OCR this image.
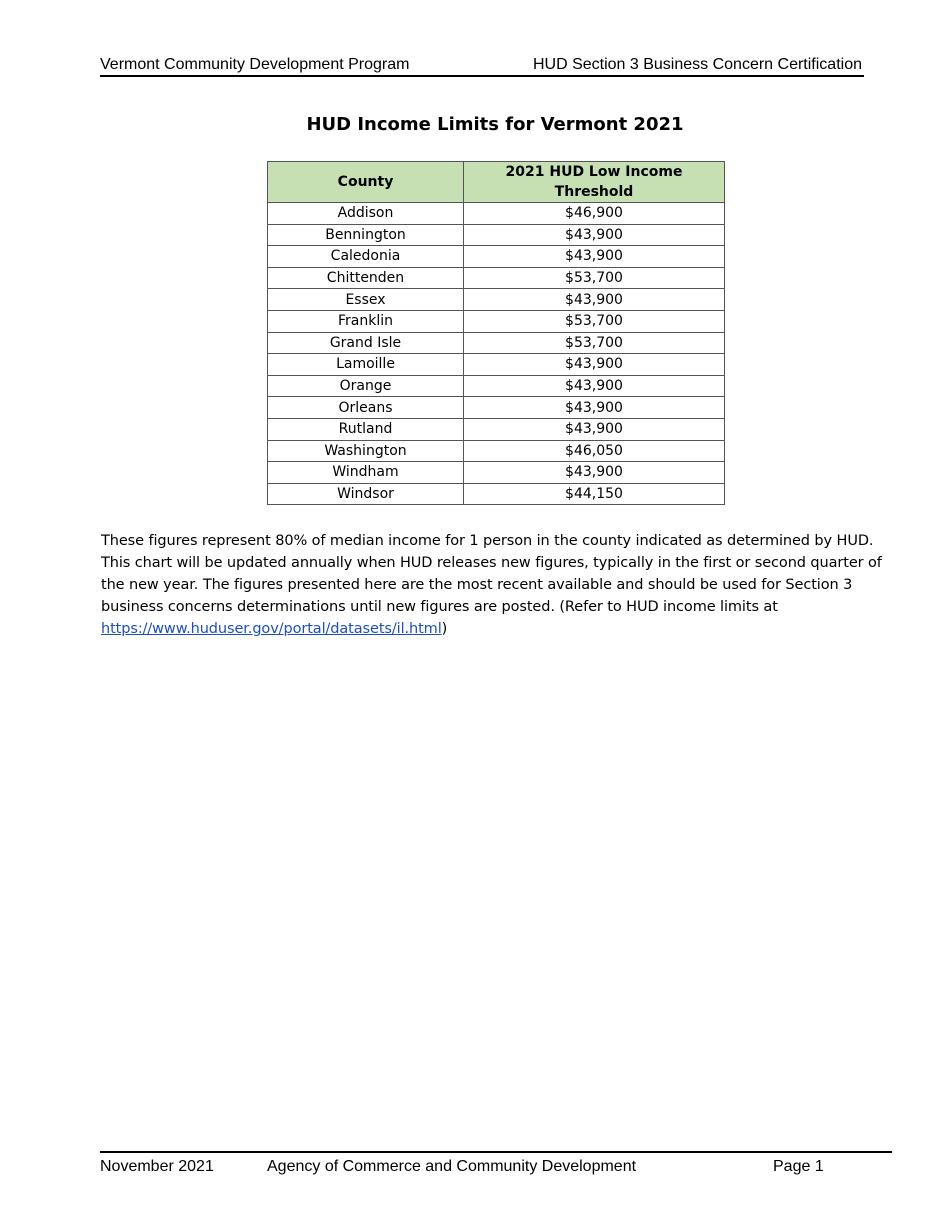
Vermont Community Development Program	HUD Section 3 Business Concern Certification
HUD Income Limits for Vermont 2021
County	2021 HUD Low Income Threshold
Addison	$46,900
Bennington	$43,900
Caledonia	$43,900
Chittenden	$53,700
Essex	$43,900
Franklin	$53,700
Grand Isle	$53,700
Lamoille	$43,900
Orange	$43,900
Orleans	$43,900
Rutland	$43,900
Washington	$46,050
Windham	$43,900
Windsor	$44,150
These figures represent 80% of median income for 1 person in the county indicated as determined by HUD. This chart will be updated annually when HUD releases new figures, typically in the first or second quarter of the new year. The figures presented here are the most recent available and should be used for Section 3 business concerns determinations until new figures are posted. (Refer to HUD income limits at https://www.huduser.gov/portal/datasets/il.html)
November 2021	Agency of Commerce and Community Development	Page 1
